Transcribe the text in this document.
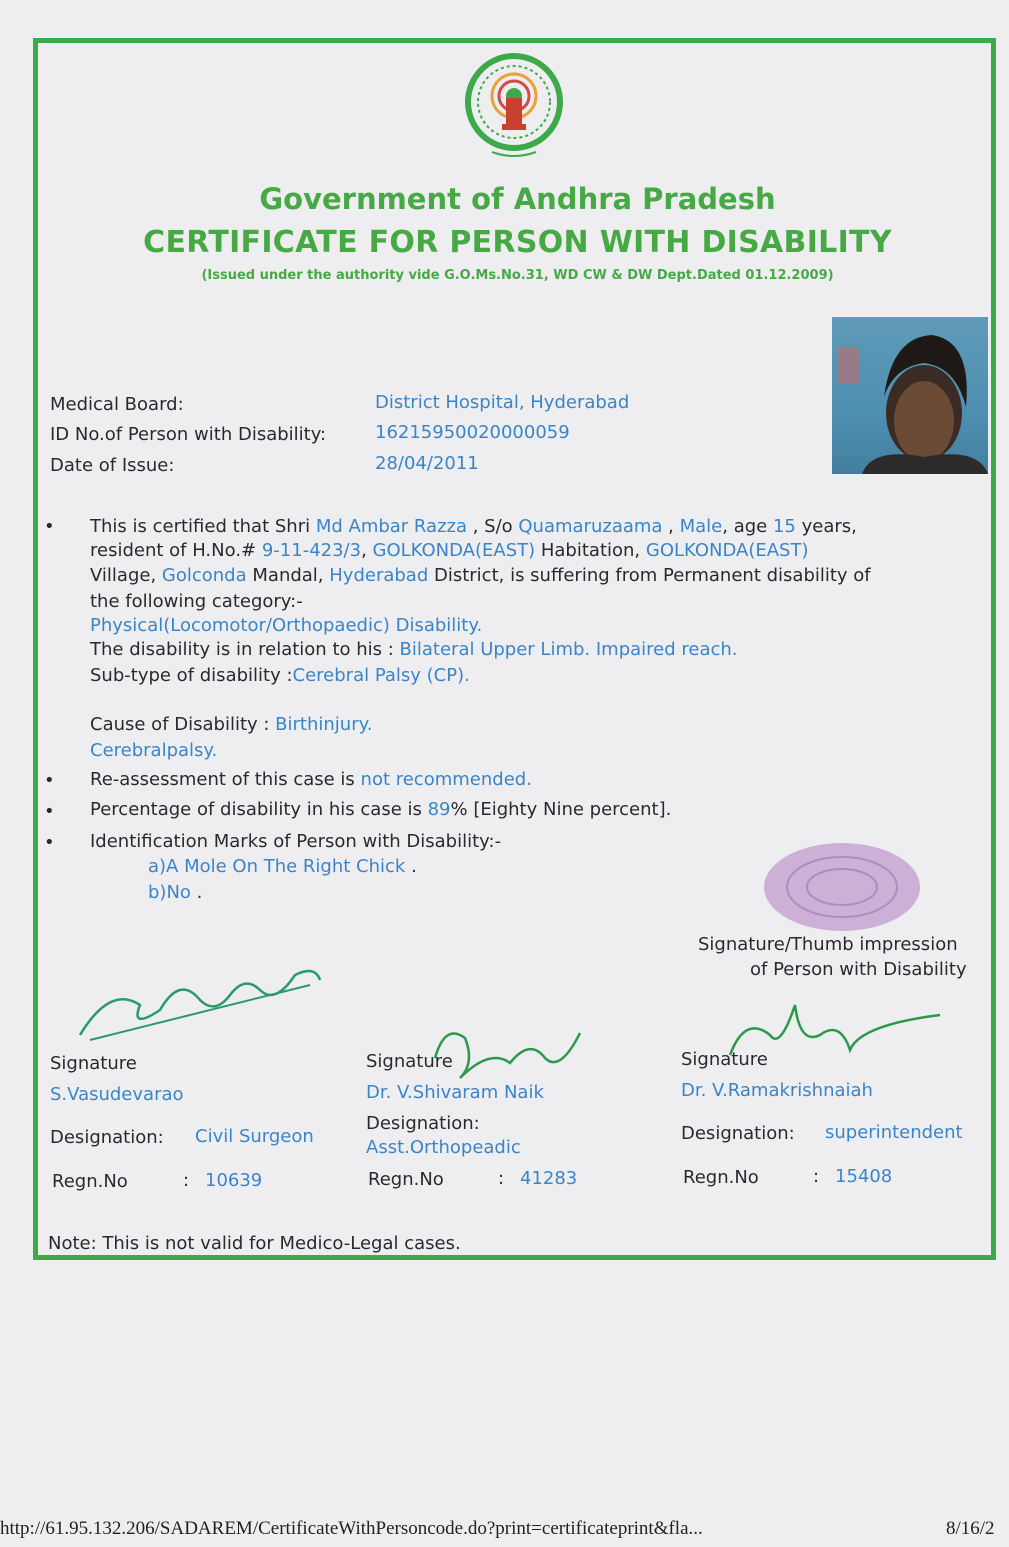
Government of Andhra Pradesh
CERTIFICATE FOR PERSON WITH DISABILITY
(Issued under the authority vide G.O.Ms.No.31, WD CW & DW Dept.Dated 01.12.2009)
Medical Board:	District Hospital, Hyderabad
ID No.of Person with Disability:	16215950020000059
Date of Issue:	28/04/2011
• This is certified that Shri Md Ambar Razza , S/o Quamaruzaama , Male, age 15 years,
resident of H.No.# 9-11-423/3, GOLKONDA(EAST) Habitation, GOLKONDA(EAST)
Village, Golconda Mandal, Hyderabad District, is suffering from Permanent disability of
the following category:-
Physical(Locomotor/Orthopaedic) Disability.
The disability is in relation to his : Bilateral Upper Limb. Impaired reach.
Sub-type of disability :Cerebral Palsy (CP).
Cause of Disability : Birthinjury.
Cerebralpalsy.
• Re-assessment of this case is not recommended.
• Percentage of disability in his case is 89% [Eighty Nine percent].
• Identification Marks of Person with Disability:-
a)A Mole On The Right Chick .
b)No .
Signature/Thumb impression
of Person with Disability
Signature
S.Vasudevarao
Designation: Civil Surgeon
Regn.No	: 10639
Signature
Dr. V.Shivaram Naik
Designation:
Asst.Orthopeadic
Regn.No	: 41283
Signature
Dr. V.Ramakrishnaiah
Designation: superintendent
Regn.No	: 15408
Note: This is not valid for Medico-Legal cases.
http://61.95.132.206/SADAREM/CertificateWithPersoncode.do?print=certificateprint&fla...	8/16/2
